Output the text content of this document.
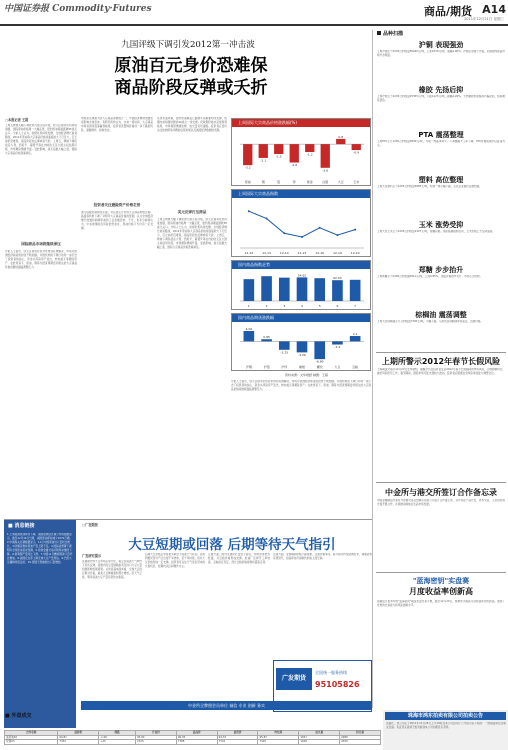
中国证券报 Commodity·Futures	商品/期货 A14
2011年12月21日 星期三
九国评级下调引发2012第一冲击波
原油百元身价恐难保
商品阶段反弹或夭折
□本报记者 王超
上周五穆迪大幅下调欧洲九国主权评级，欧元区债务危机再度加剧，国际原油价格周一大幅走低，纽约原油期货跌破95美元关口。分析人士认为，欧债危机持续发酵，全球经济增长前景黯淡，2012年原油等大宗商品价格将面临较大下行压力，百元油价恐难保，商品阶段性反弹或将夭折。上周五，穆迪下调包括意大利、西班牙、葡萄牙等在内的欧元区九国主权信用评级，市场避险情绪升温。受此影响，美元指数大幅上涨，国际大宗商品价格普遍承压。
国际商品市场将继续承压
分析人士指出，欧元区债务危机并未得到有效解决，市场对欧洲经济前景的担忧不断加剧。评级机构的下调行动进一步打击了投资者的信心，资金从风险资产流出，转向美元等避险资产。在此背景下，原油、铜等与经济周期密切相关的大宗商品价格将继续面临调整压力。
中国是全球最大的大宗商品消费国之一，中国经济增速放缓也将影响全球需求。有研究机构认为，未来一段时间，大宗商品市场将延续震荡偏弱格局，投资者需警惕价格进一步下跌的风险，谨慎操作，控制仓位。
投资者关注避险资产价格走势
美元指数近期持续走强，对以美元计价的大宗商品构成压制。高盛等机构下调了对明年大宗商品价格的预测，认为全球经济增长放缓将抑制原油和工业金属需求。不过，也有分析师认为，中东地缘政治风险依然存在，原油价格下方仍有一定支撑。
从技术面来看，纽约原油期货已跌破多条重要均线支撑，短期内或将继续测试90美元一线支撑。伦敦铜价格亦呈现弱势格局，市场观望情绪浓厚，成交量有所萎缩。投资者应密切关注欧洲债务问题的后续进展以及美国经济数据的表现。
美元反弹打压商品
上周五穆迪大幅下调欧洲九国主权评级，欧元区债务危机再度加剧，国际原油价格周一大幅走低，纽约原油期货跌破95美元关口。分析人士认为，欧债危机持续发酵，全球经济增长前景黯淡，2012年原油等大宗商品价格将面临较大下行压力，百元油价恐难保，商品阶段性反弹或将夭折。上周五，穆迪下调包括意大利、西班牙、葡萄牙等在内的欧元区九国主权信用评级，市场避险情绪升温。受此影响，美元指数大幅上涨，国际大宗商品价格普遍承压。
上周国际大宗商品价格涨跌幅(%)
-3.2
-2.1
-1.5
-2.8
-1.2
-3.6
0.8
-0.9
原油	铜	铝	锌	黄金	白银	大豆	玉米
上周国际大宗商品指数
12-12	12-13	12-14	12-15	12-16	12-19	12-20
国内商品指数走势
54.62
62.03
1	2	3	4	5	6	7
国内商品期货涨跌幅
4.06
0.85
-3.25
-4.26
-6.89
-1.2
2.1
沪铜	沪铝	沪锌	橡胶	螺纹	大豆	豆粕
资料来源：文华财经 制图：王超
分析人士指出，欧元区债务危机并未得到有效解决，市场对欧洲经济前景的担忧不断加剧。评级机构的下调行动进一步打击了投资者的信心，资金从风险资产流出，转向美元等避险资产。在此背景下，原油、铜等与经济周期密切相关的大宗商品价格将继续面临调整压力。
品种扫描
上期所警示2012年春节长假风险
上海期货交易所12月20日发布通知，提醒会员及投资者注意2012年春节长假期间的市场风险，合理控制持仓，做好风险防范工作。春节期间，国际市场可能出现较大波动，投资者应根据自身风险承受能力调整仓位。
中金所与港交所签订合作备忘录
中国金融期货交易所与香港交易及结算所有限公司签订合作备忘录，双方将在产品开发、技术交流、人员培训等方面开展合作，共同推动两地衍生品市场发展。
"蓝海密钥"实盘赛
月度收益率创新高
由期货日报举办的"蓝海密钥"期货实盘交易大赛，截至12月20日，参赛选手最高月度收益率创出新高，展现了优秀的交易能力和风险控制水平。
■ 消息链接
1.上周美国原油库存下降，美国能源信息署公布的数据显示，截至12月16日当周，美国原油库存减少1070万桶。2.中国海关总署数据显示，11月中国原油进口量同比增长。3.欧佩克维持原油产量上限不变。4.国际能源署下调明年全球原油需求预测。5.伦敦金属交易所铜库存继续下降。6.智利铜产量同比下滑。7.中国11月精炼铜进口量环比增加。8.美国农业部上调全球大豆产量预估。9.巴西大豆播种进度良好。10.泰国天然橡胶出口量增加。
□广发期货
大豆短期或回落 后期等待天气指引
广发研究提示
近期国内外大豆市场走势分化，美豆在南美天气炒作下有所反弹，而国内连豆受国储拍卖及进口大豆大量到港影响表现疲弱。从供需基本面来看，全球大豆供应相对充裕，南美大豆种植面积预计增加，若天气正常，明年南美大豆产量有望创出新高。
后期大豆价格走势将更多取决于南美天气状况。目前阿根廷部分产区出现干旱迹象，若干旱持续，将对大豆价格形成一定支撑。投资者可关注天气变化带来的交易机会，短期内以区间操作为主。
豆粕方面，国内生猪存栏量处于高位，饲料需求较为旺盛，对豆粕价格形成支撑。但油厂压榨开工率较高，豆粕供应充足，预计豆粕价格将维持震荡走势。
豆油方面，受棕榈油价格下跌拖累，豆油价格承压。春节前为传统消费旺季，油脂需求有望回升，但高库存仍将制约价格上涨空间。
广发期货
全国统一服务热线
95105826
中金所全牌照会员单位 诚信 专业 创新 务实
■ 外盘成交
合约名称	最新价	涨跌	开盘价	最高价	最低价	昨结算	成交量	持仓量
美原油02	94.81	-1.06	95.90	96.05	94.33	95.87	1651	2980
伦铜03	7350	+25	7325	7388	7301	7325	1028	4350
珠海市鸿东拍卖有限公司拍卖公告
受委托，我公司定于2011年12月28日上午10时在本公司拍卖厅公开拍卖以下标的：一批期货席位及相关设备。有意竞买者请于拍卖前到本公司办理竞买手续。
沪铜 表现强劲
上周沪铜主力1203合约收盘56040元/吨，上涨2230元/吨，涨幅4.06%。沪铜走势强于外盘，近期国内现货市场升水明显。
橡胶 先扬后抑
上周沪胶主力1205合约收盘25355元/吨，下跌1125元/吨，跌幅4.26%。天然橡胶供需格局仍偏宽松，短期难有起色。
PTA 震荡整理
上周PTA主力1205合约收盘8290元/吨，与前一周基本持平。下游聚酯开工率下降，PTA价格短期仍以震荡为主。
塑料 高位整理
上周大连塑料主力1205合约收盘9985元/吨，较前一周小幅下跌。石化企业挺价意愿较强。
玉米 涨势受抑
上周大连玉米主力1205合约收盘2327元/吨，涨幅有限。国家临储收购启动，玉米价格上方空间受限。
郑糖 步步抬升
上周郑糖主力1205合约收盘6811元/吨，上涨0.85%。现货价格稳中有升，市场心态好转。
棕榈油 震荡调整
上周大连棕榈油主力合约收盘7390元/吨，小幅下跌。马来西亚棕榈油库存高企，压制价格。
